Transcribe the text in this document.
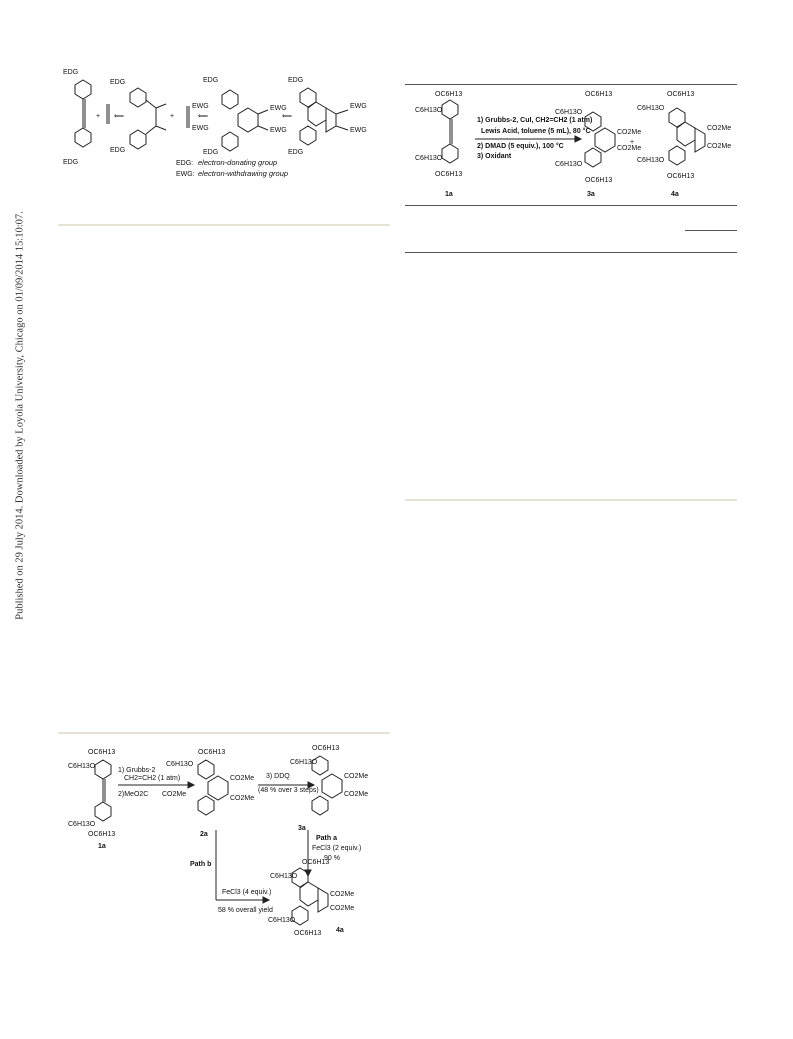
Published on 29 July 2014. Downloaded by Loyola University, Chicago on 01/09/2014 15:10:07.
EDG
EDG
+ ⟸
EDG
EDG
+
EWG
EWG
⟸
EDG
EDG
EWG
EWG
⟸
EDG
EDG
EWG
EWG
EDG: electron-donating group
EWG: electron-withdrawing group
OC6H13
C6H13O
C6H13O
OC6H13
1) Grubbs-2, CuI, CH2=CH2 (1 atm)
Lewis Acid, toluene (5 mL), 80 °C
2) DMAD (5 equiv.), 100 °C
3) Oxidant
OC6H13
C6H13O
C6H13O
OC6H13
CO2Me
CO2Me
+
OC6H13
C6H13O
C6H13O
OC6H13
CO2Me
CO2Me
1a	3a	4a
OC6H13
C6H13O
C6H13O
OC6H13
1) Grubbs-2
CH2=CH2 (1 atm)
2)MeO2C CO2Me
OC6H13
C6H13O
CO2Me
CO2Me
2a
3) DDQ
(48 % over 3 steps)
OC6H13
C6H13O
CO2Me
CO2Me
3a
Path a
FeCl3 (2 equiv.)
90 %
Path b
FeCl3 (4 equiv.)
58 % overall yield
OC6H13
C6H13O
CO2Me
CO2Me
C6H13O
OC6H13 4a
1a
